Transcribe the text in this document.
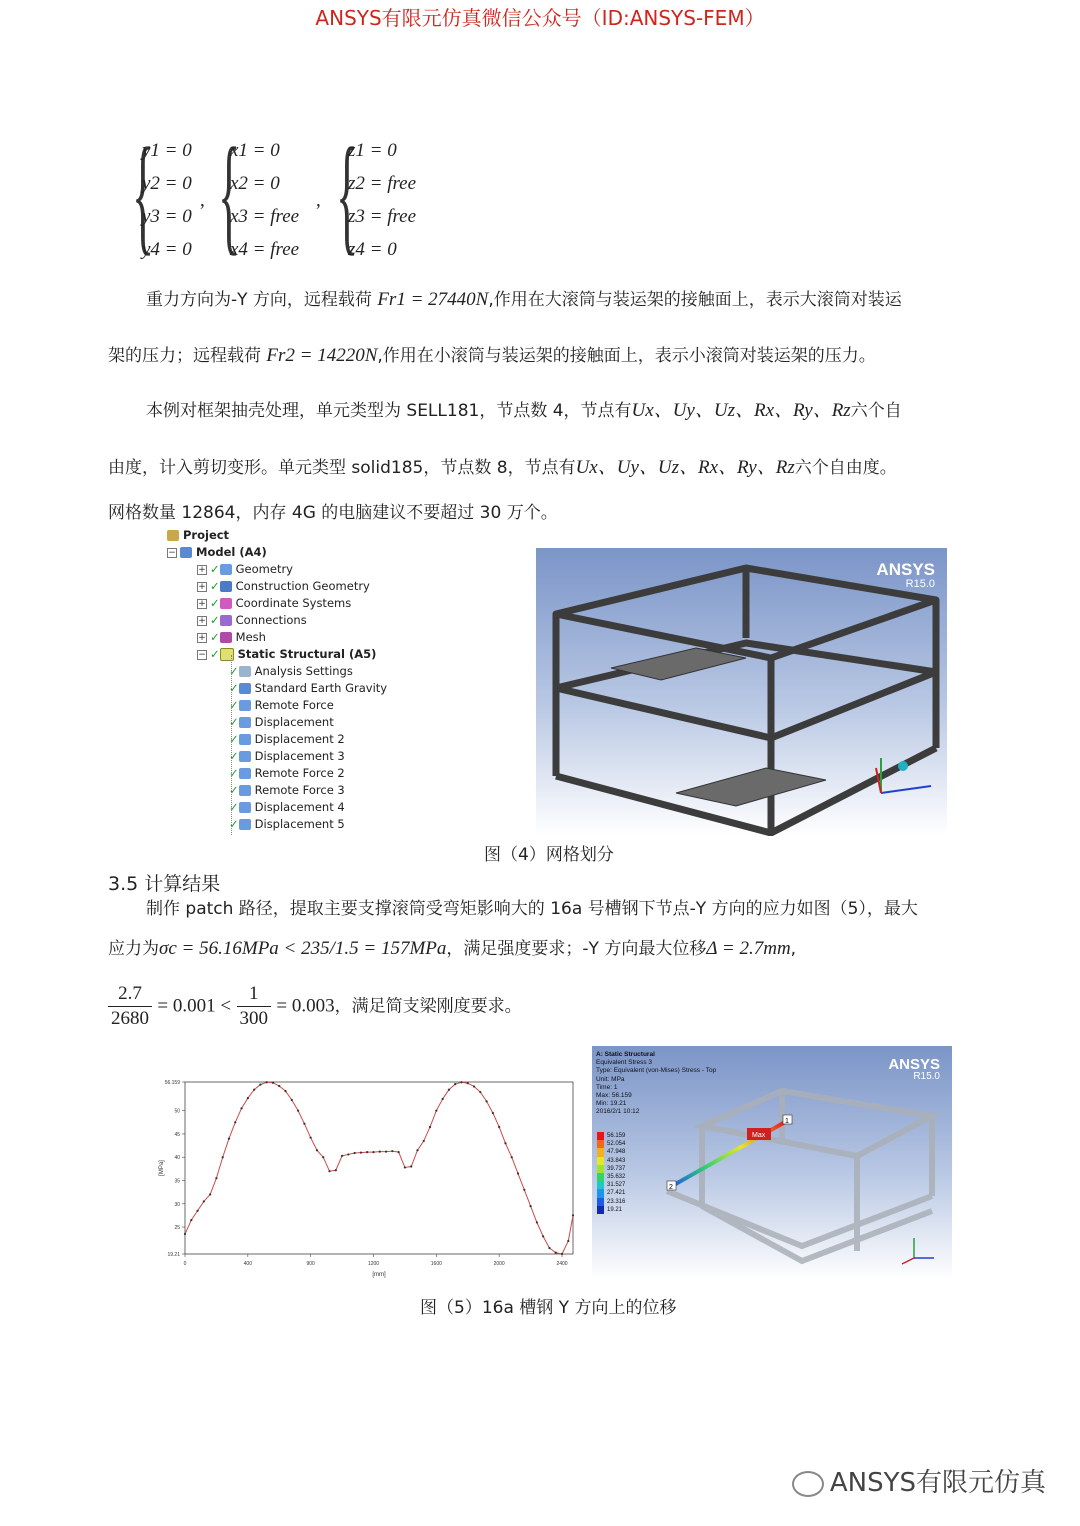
ANSYS有限元仿真微信公众号（ID:ANSYS-FEM）
{
y1 = 0
y2 = 0
y3 = 0
y4 = 0
, {
x1 = 0
x2 = 0
x3 = free
x4 = free
, {
z1 = 0
z2 = free
z3 = free
z4 = 0
重力方向为-Y 方向，远程载荷 Fr1 = 27440N,作用在大滚筒与装运架的接触面上，表示大滚筒对装运
架的压力；远程载荷 Fr2 = 14220N,作用在小滚筒与装运架的接触面上，表示小滚筒对装运架的压力。
本例对框架抽壳处理，单元类型为 SELL181，节点数 4，节点有Ux、Uy、Uz、Rx、Ry、Rz六个自
由度，计入剪切变形。单元类型 solid185，节点数 8，节点有Ux、Uy、Uz、Rx、Ry、Rz六个自由度。
网格数量 12864，内存 4G 的电脑建议不要超过 30 万个。
Project
− Model (A4)
+ ✓ Geometry
+ ✓ Construction Geometry
+ ✓ Coordinate Systems
+ ✓ Connections
+ ✓ Mesh
− ✓ Static Structural (A5)
✓ Analysis Settings
✓ Standard Earth Gravity
✓ Remote Force
✓ Displacement
✓ Displacement 2
✓ Displacement 3
✓ Remote Force 2
✓ Remote Force 3
✓ Displacement 4
✓ Displacement 5
ANSYS
R15.0
图（4）网格划分
3.5 计算结果
制作 patch 路径，提取主要支撑滚筒受弯矩影响大的 16a 号槽钢下节点-Y 方向的应力如图（5），最大
应力为σc = 56.16MPa < 235/1.5 = 157MPa，满足强度要求；-Y 方向最大位移Δ = 2.7mm,
$\frac{2.7}{2680} = 0.001 < \frac{1}{300} = 0.003$，满足简支梁刚度要求。
0	400	900	1200	1600	2000	2400
19.21
25
30
35
40
45
50
56.159
[mm]
[MPa]
A: Static Structural
Equivalent Stress 3
Type: Equivalent (von-Mises) Stress - Top
Unit: MPa
Time: 1
Max: 56.159
Min: 19.21
2016/2/1 10:12
56.159
52.054
47.948
43.843
39.737
35.632
31.527
27.421
23.316
19.21
ANSYS
R15.0
Max
1
2
图（5）16a 槽钢 Y 方向上的位移
ANSYS有限元仿真
